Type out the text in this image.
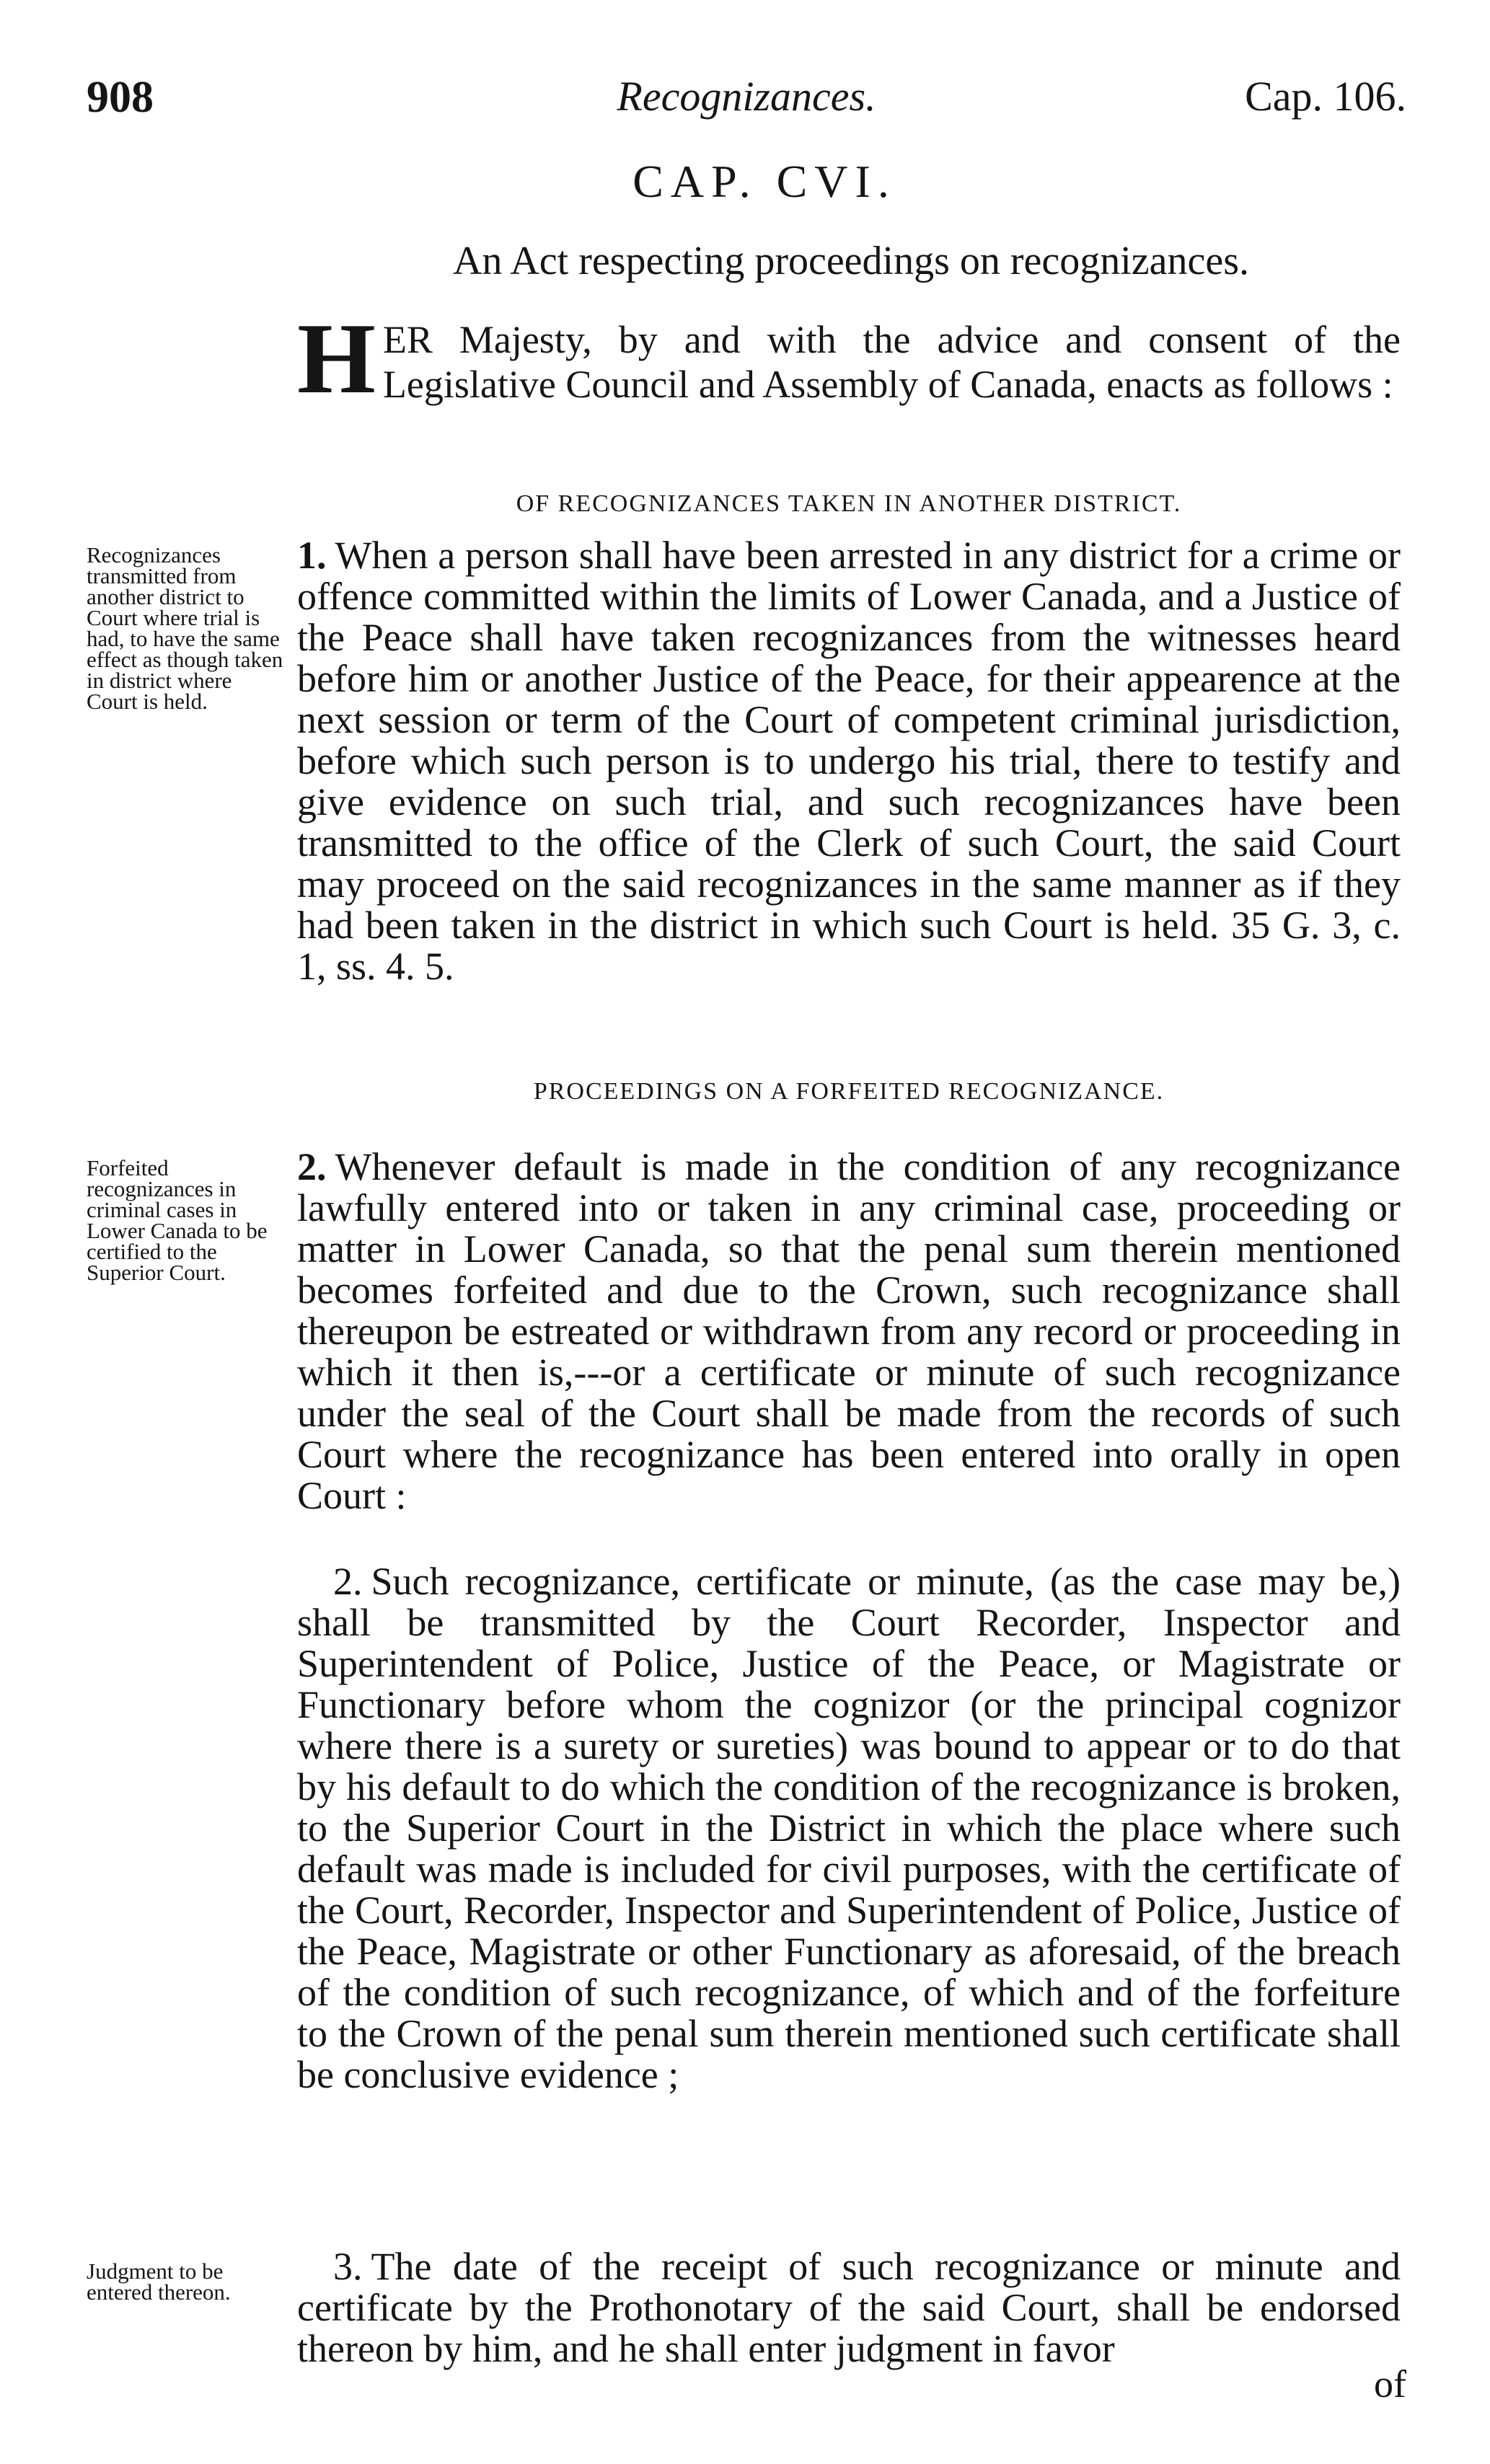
Recognizances.
908	Cap. 106.
CAP. CVI.
An Act respecting proceedings on recognizances.
HER Majesty, by and with the advice and consent of the Legislative Council and Assembly of Canada, enacts as follows :
OF RECOGNIZANCES TAKEN IN ANOTHER DISTRICT.
Recognizances transmitted from another district to Court where trial is had, to have the same effect as though taken in district where Court is held.

1. When a person shall have been arrested in any district for a crime or offence committed within the limits of Lower Canada, and a Justice of the Peace shall have taken recognizances from the witnesses heard before him or another Justice of the Peace, for their appearence at the next session or term of the Court of competent criminal jurisdiction, before which such person is to undergo his trial, there to testify and give evidence on such trial, and such recognizances have been transmitted to the office of the Clerk of such Court, the said Court may proceed on the said recognizances in the same manner as if they had been taken in the district in which such Court is held. 35 G. 3, c. 1, ss. 4. 5.

PROCEEDINGS ON A FORFEITED RECOGNIZANCE.
Forfeited recognizances in criminal cases in Lower Canada to be certified to the Superior Court.

2. Whenever default is made in the condition of any recognizance lawfully entered into or taken in any criminal case, proceeding or matter in Lower Canada, so that the penal sum therein mentioned becomes forfeited and due to the Crown, such recognizance shall thereupon be estreated or withdrawn from any record or proceeding in which it then is,---or a certificate or minute of such recognizance under the seal of the Court shall be made from the records of such Court where the recognizance has been entered into orally in open Court :

2. Such recognizance, certificate or minute, (as the case may be,) shall be transmitted by the Court Recorder, Inspector and Superintendent of Police, Justice of the Peace, or Magistrate or Functionary before whom the cognizor (or the principal cognizor where there is a surety or sureties) was bound to appear or to do that by his default to do which the condition of the recognizance is broken, to the Superior Court in the District in which the place where such default was made is included for civil purposes, with the certificate of the Court, Recorder, Inspector and Superintendent of Police, Justice of the Peace, Magistrate or other Functionary as aforesaid, of the breach of the condition of such recognizance, of which and of the forfeiture to the Crown of the penal sum therein mentioned such certificate shall be conclusive evidence ;

Judgment to be entered thereon.

3. The date of the receipt of such recognizance or minute and certificate by the Prothonotary of the said Court, shall be endorsed thereon by him, and he shall enter judgment in favor

of
